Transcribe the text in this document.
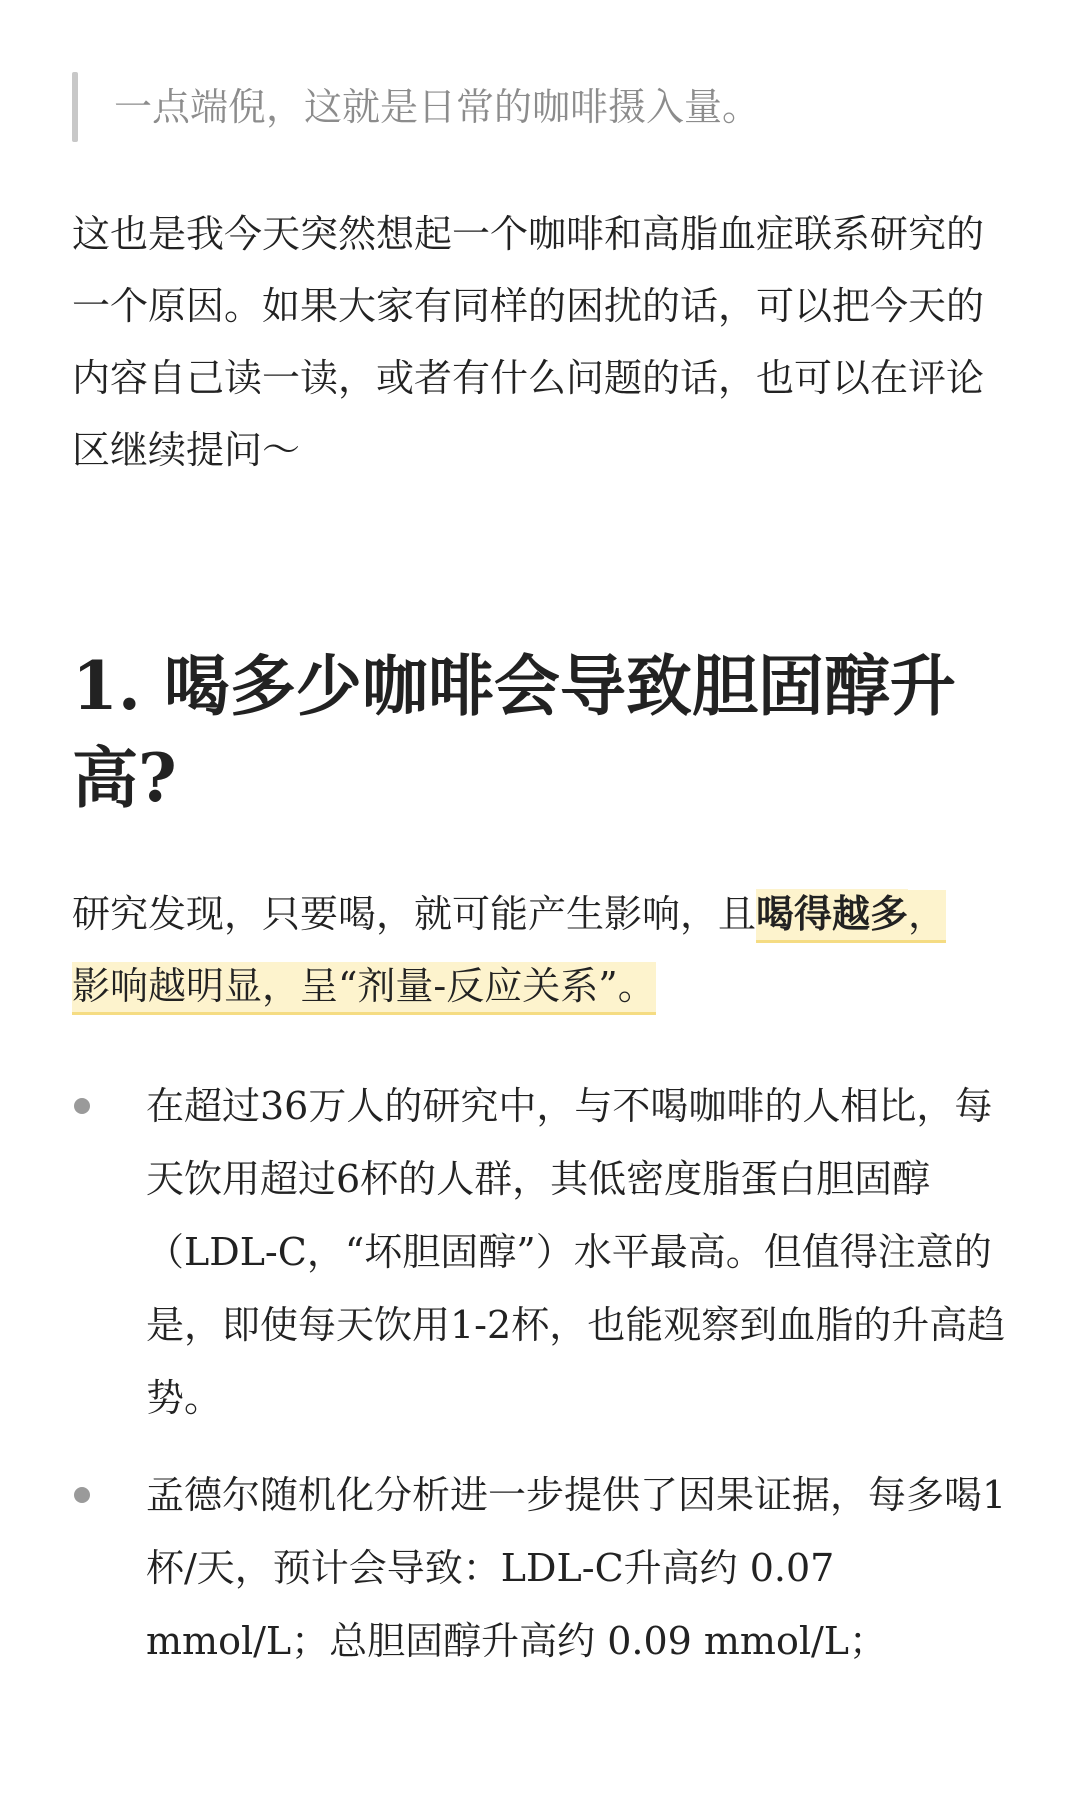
一点端倪，这就是日常的咖啡摄入量。

这也是我今天突然想起一个咖啡和高脂血症联系研究的一个原因。如果大家有同样的困扰的话，可以把今天的内容自己读一读，或者有什么问题的话，也可以在评论区继续提问～

1. 喝多少咖啡会导致胆固醇升高?

研究发现，只要喝，就可能产生影响，且喝得越多，影响越明显，呈“剂量-反应关系”。

在超过36万人的研究中，与不喝咖啡的人相比，每天饮用超过6杯的人群，其低密度脂蛋白胆固醇（LDL-C，“坏胆固醇”）水平最高。但值得注意的是，即使每天饮用1-2杯，也能观察到血脂的升高趋势。
孟德尔随机化分析进一步提供了因果证据，每多喝1杯/天，预计会导致：LDL-C升高约 0.07 mmol/L；总胆固醇升高约 0.09 mmol/L；
